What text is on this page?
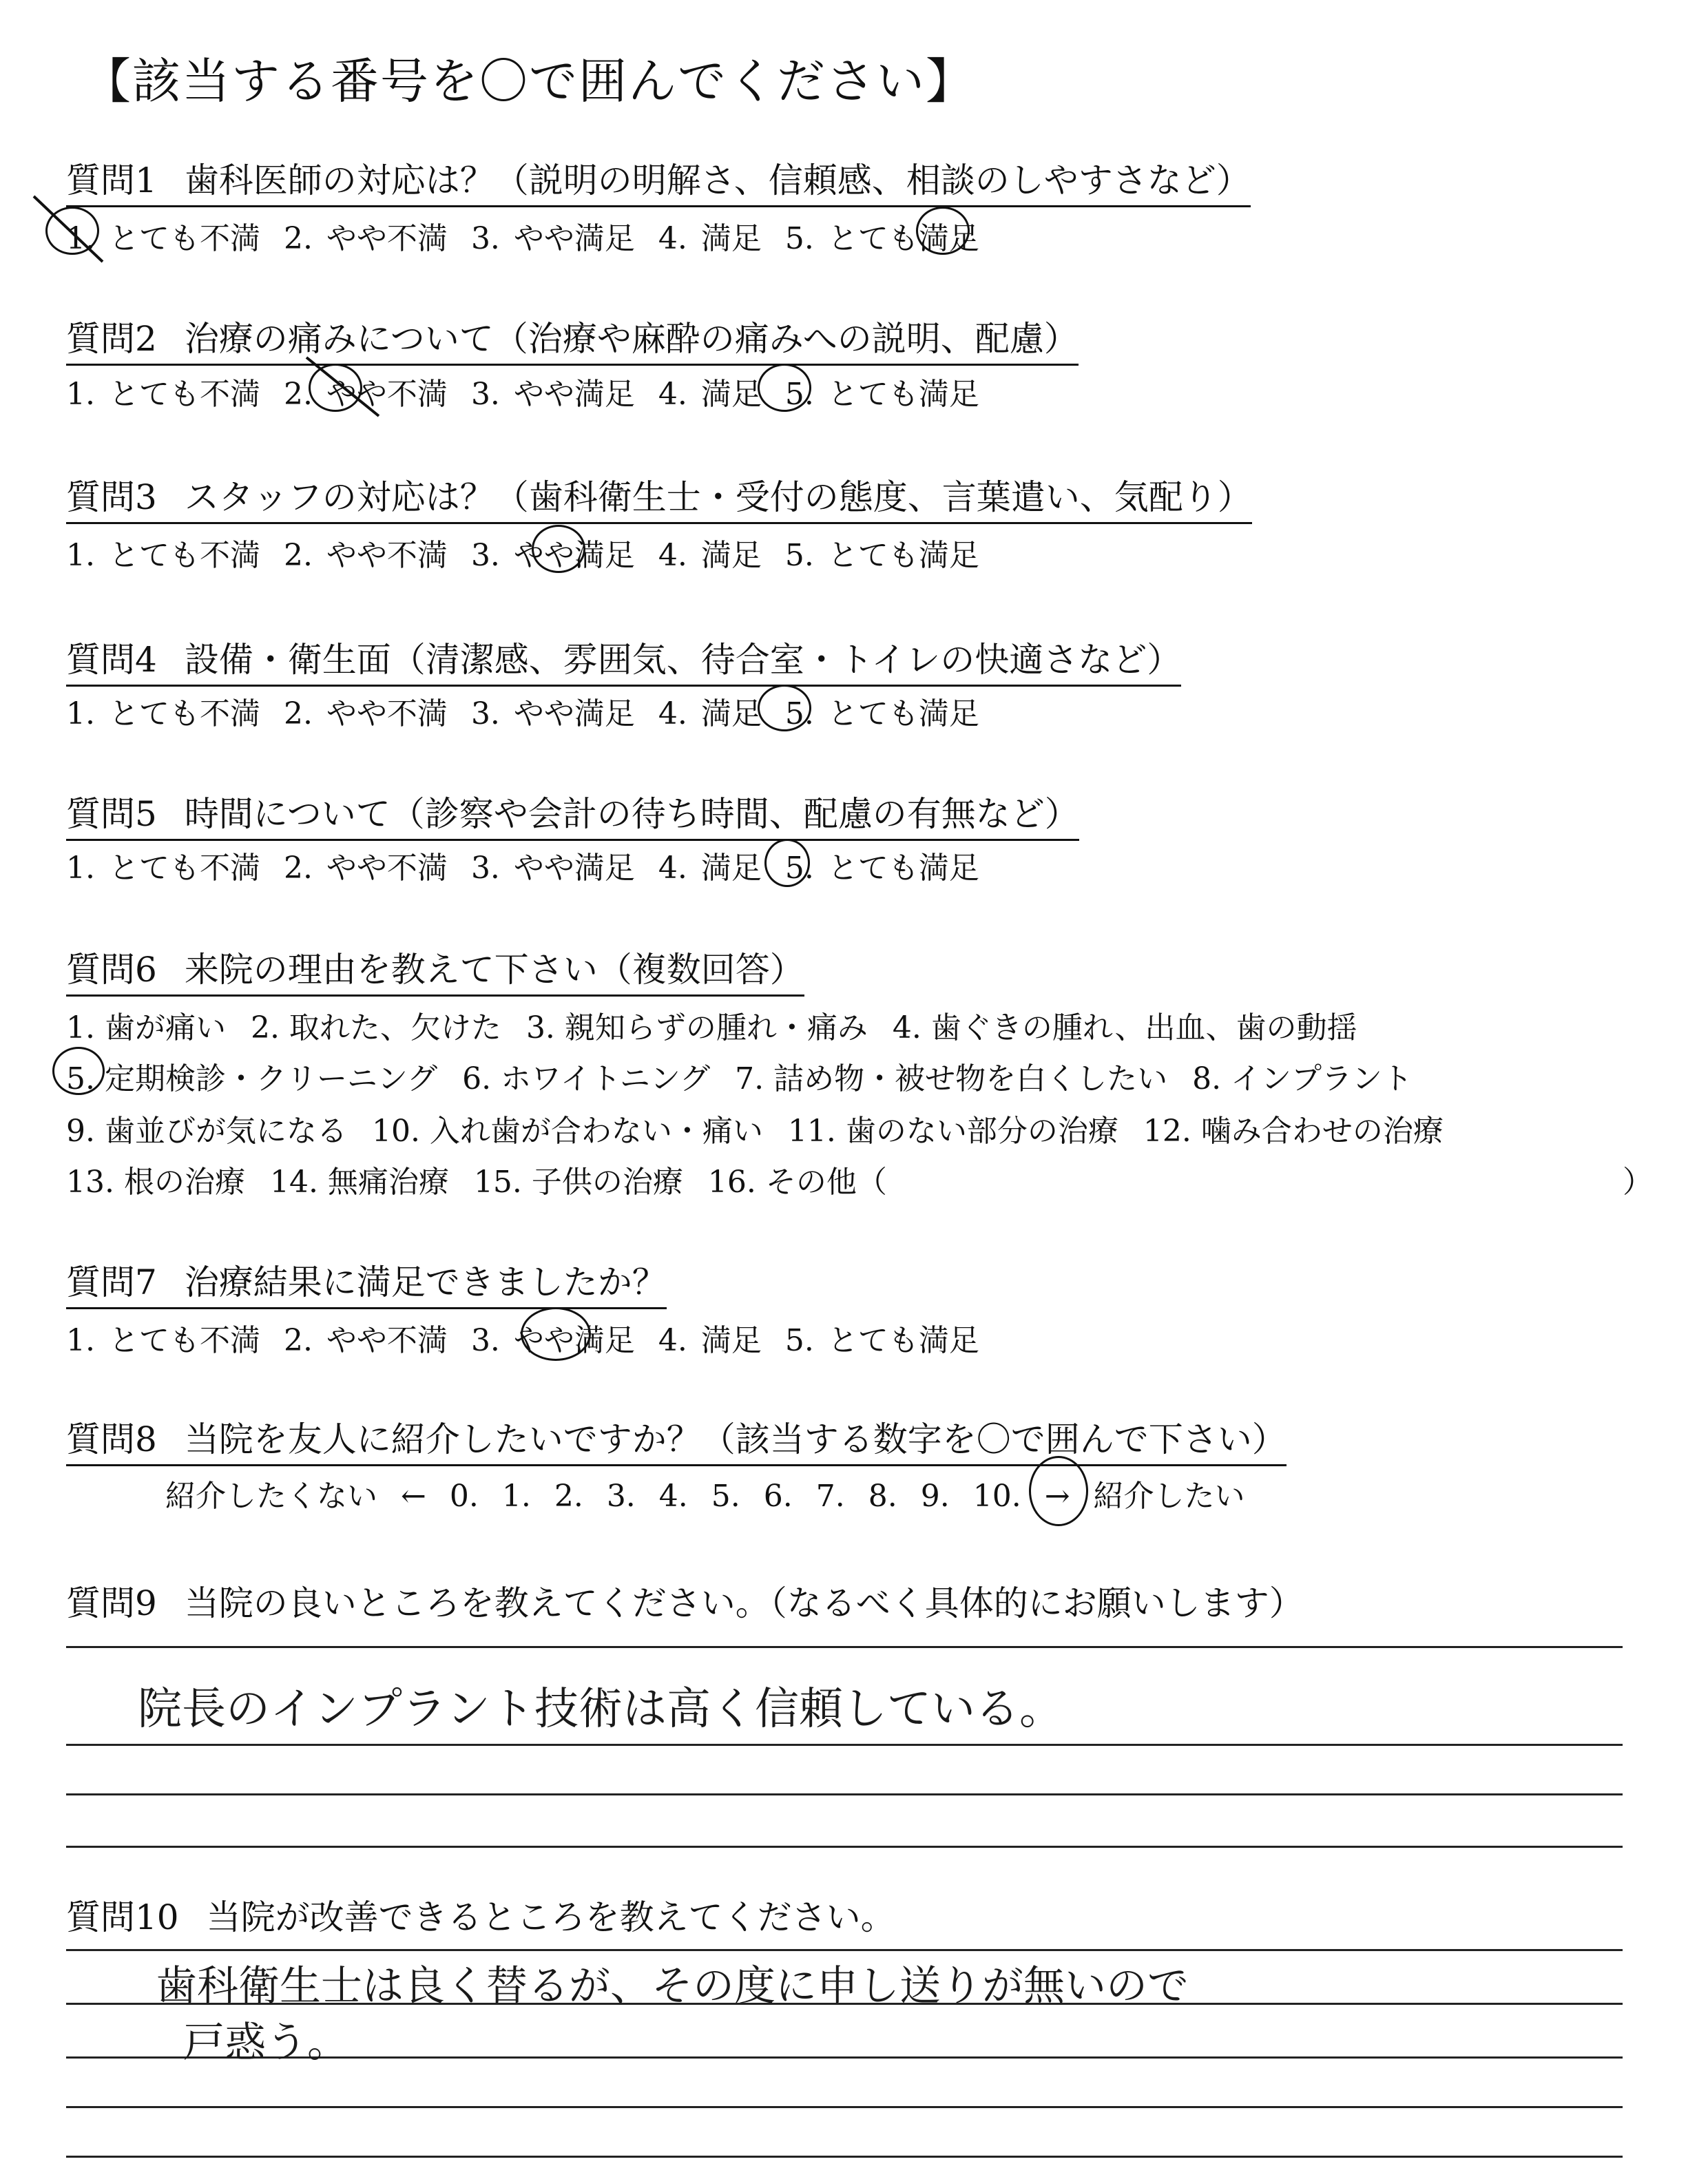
【該当する番号を〇で囲んでください】
質問1 歯科医師の対応は？（説明の明解さ、信頼感、相談のしやすさなど）
1. とても不満 2. やや不満 3. やや満足 4. 満足 5. とても満足
質問2 治療の痛みについて（治療や麻酔の痛みへの説明、配慮）
1. とても不満 2. やや不満 3. やや満足 4. 満足 5. とても満足
質問3 スタッフの対応は？（歯科衛生士・受付の態度、言葉遣い、気配り）
1. とても不満 2. やや不満 3. やや満足 4. 満足 5. とても満足
質問4 設備・衛生面（清潔感、雰囲気、待合室・トイレの快適さなど）
1. とても不満 2. やや不満 3. やや満足 4. 満足 5. とても満足
質問5 時間について（診察や会計の待ち時間、配慮の有無など）
1. とても不満 2. やや不満 3. やや満足 4. 満足 5. とても満足
質問6 来院の理由を教えて下さい（複数回答）
1. 歯が痛い 2. 取れた、欠けた 3. 親知らずの腫れ・痛み 4. 歯ぐきの腫れ、出血、歯の動揺
5. 定期検診・クリーニング 6. ホワイトニング 7. 詰め物・被せ物を白くしたい 8. インプラント
9. 歯並びが気になる 10. 入れ歯が合わない・痛い 11. 歯のない部分の治療 12. 噛み合わせの治療
13. 根の治療 14. 無痛治療 15. 子供の治療 16. その他（	）
質問7 治療結果に満足できましたか？
1. とても不満 2. やや不満 3. やや満足 4. 満足 5. とても満足
質問8 当院を友人に紹介したいですか？（該当する数字を〇で囲んで下さい）
紹介したくない ← 0. 1. 2. 3. 4. 5. 6. 7. 8. 9. 10. → 紹介したい
質問9 当院の良いところを教えてください。（なるべく具体的にお願いします）
院長のインプラント技術は高く信頼している。
質問10 当院が改善できるところを教えてください。
歯科衛生士は良く替るが、その度に申し送りが無いので
戸惑う。
